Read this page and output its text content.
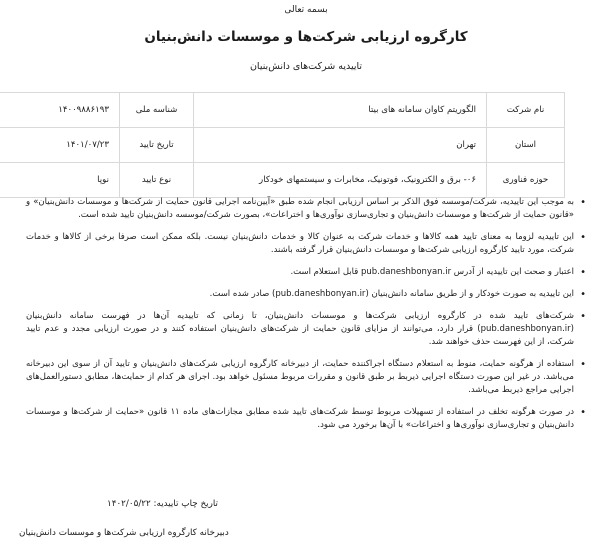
بسمه تعالی
کارگروه ارزیابی شرکت‌ها و موسسات دانش‌بنیان
تاییدیه شرکت‌های دانش‌بنیان
نام شرکت	الگوریتم کاوان سامانه های بیتا	شناسه ملی	۱۴۰۰۹۸۸۶۱۹۳
استان	تهران	تاریخ تایید	۱۴۰۱/۰۷/۲۳
حوزه فناوری	۰۶- برق و الکترونیک، فوتونیک، مخابرات و سیستمهای خودکار	نوع تایید	نوپا
• به موجب این تاییدیه، شرکت/موسسه فوق الذکر بر اساس ارزیابی انجام شده طبق «آیین‌نامه اجرایی قانون حمایت از شرکت‌ها و موسسات دانش‌بنیان» و «قانون حمایت از شرکت‌ها و موسسات دانش‌بنیان و تجاری‌سازی نوآوری‌ها و اختراعات»، بصورت شرکت/موسسه دانش‌بنیان تایید شده است.
• این تاییدیه لزوما به معنای تایید همه کالاها و خدمات شرکت به عنوان کالا و خدمات دانش‌بنیان نیست. بلکه ممکن است صرفا برخی از کالاها و خدمات شرکت، مورد تایید کارگروه ارزیابی شرکت‌ها و موسسات دانش‌بنیان قرار گرفته باشند.
• اعتبار و صحت این تاییدیه از آدرس pub.daneshbonyan.ir قابل استعلام است.
• این تاییدیه به صورت خودکار و از طریق سامانه دانش‌بنیان (pub.daneshbonyan.ir) صادر شده است.
• شرکت‌های تایید شده در کارگروه ارزیابی شرکت‌ها و موسسات دانش‌بنیان، تا زمانی که تاییدیه آن‌ها در فهرست سامانه دانش‌بنیان (pub.daneshbonyan.ir) قرار دارد، می‌توانند از مزایای قانون حمایت از شرکت‌های دانش‌بنیان استفاده کنند و در صورت ارزیابی مجدد و عدم تایید شرکت، از این فهرست حذف خواهند شد.
• استفاده از هرگونه حمایت، منوط به استعلام دستگاه اجراکننده حمایت، از دبیرخانه کارگروه ارزیابی شرکت‌های دانش‌بنیان و تایید آن از سوی این دبیرخانه می‌باشد. در غیر این صورت دستگاه اجرایی ذیربط بر طبق قانون و مقررات مربوط مسئول خواهد بود. اجرای هر کدام از حمایت‌ها، مطابق دستورالعمل‌های اجرایی مراجع ذیربط می‌باشد.
• در صورت هرگونه تخلف در استفاده از تسهیلات مربوط توسط شرکت‌های تایید شده مطابق مجازات‌های ماده ۱۱ قانون «حمایت از شرکت‌ها و موسسات دانش‌بنیان و تجاری‌سازی نوآوری‌ها و اختراعات» با آن‌ها برخورد می شود.
تاریخ چاپ تاییدیه: ۱۴۰۲/۰۵/۲۲
دبیرخانه کارگروه ارزیابی شرکت‌ها و موسسات دانش‌بنیان
